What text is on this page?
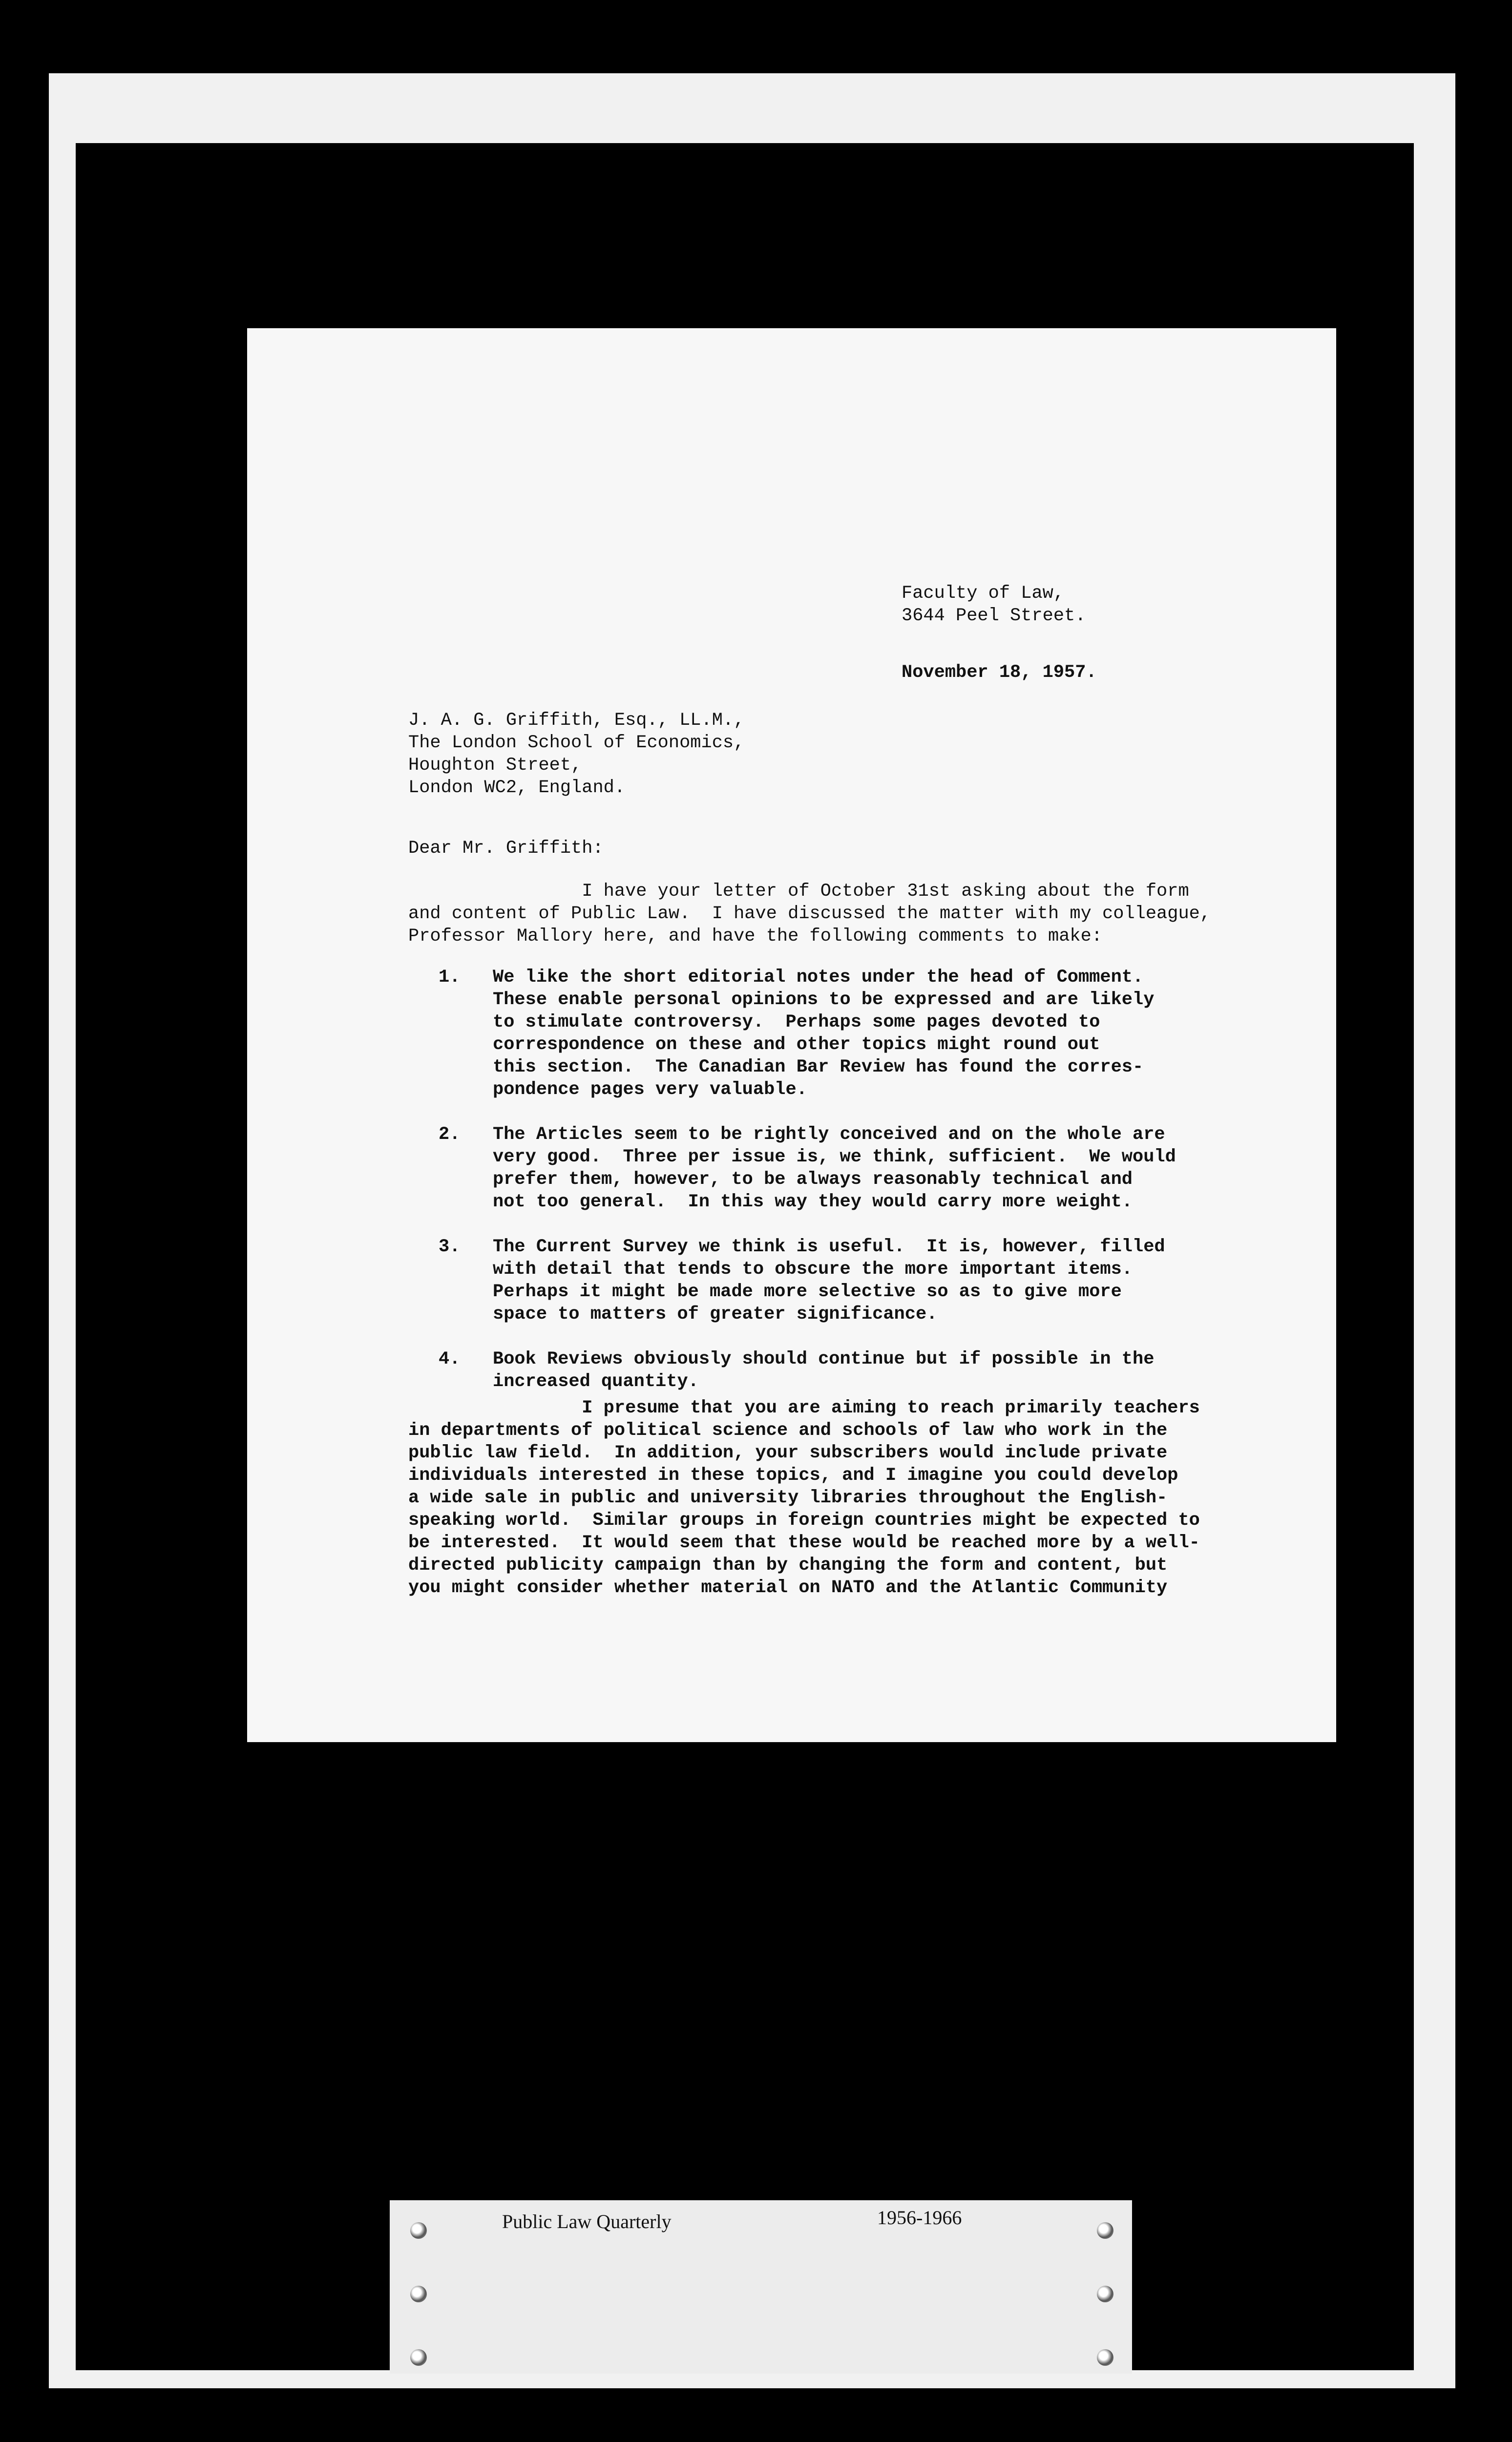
Faculty of Law,
3644 Peel Street.
November 18, 1957.
J. A. G. Griffith, Esq., LL.M.,
The London School of Economics,
Houghton Street,
London WC2, England.
Dear Mr. Griffith:
I have your letter of October 31st asking about the form
and content of Public Law.  I have discussed the matter with my colleague,
Professor Mallory here, and have the following comments to make:
1.	We like the short editorial notes under the head of Comment.
These enable personal opinions to be expressed and are likely
to stimulate controversy.  Perhaps some pages devoted to
correspondence on these and other topics might round out
this section.  The Canadian Bar Review has found the corres-
pondence pages very valuable.
2.	The Articles seem to be rightly conceived and on the whole are
very good.  Three per issue is, we think, sufficient.  We would
prefer them, however, to be always reasonably technical and
not too general.  In this way they would carry more weight.
3.	The Current Survey we think is useful.  It is, however, filled
with detail that tends to obscure the more important items.
Perhaps it might be made more selective so as to give more
space to matters of greater significance.
4.	Book Reviews obviously should continue but if possible in the
increased quantity.
I presume that you are aiming to reach primarily teachers
in departments of political science and schools of law who work in the
public law field.  In addition, your subscribers would include private
individuals interested in these topics, and I imagine you could develop
a wide sale in public and university libraries throughout the English-
speaking world.  Similar groups in foreign countries might be expected to
be interested.  It would seem that these would be reached more by a well-
directed publicity campaign than by changing the form and content, but
you might consider whether material on NATO and the Atlantic Community
Public Law Quarterly	1956-1966
